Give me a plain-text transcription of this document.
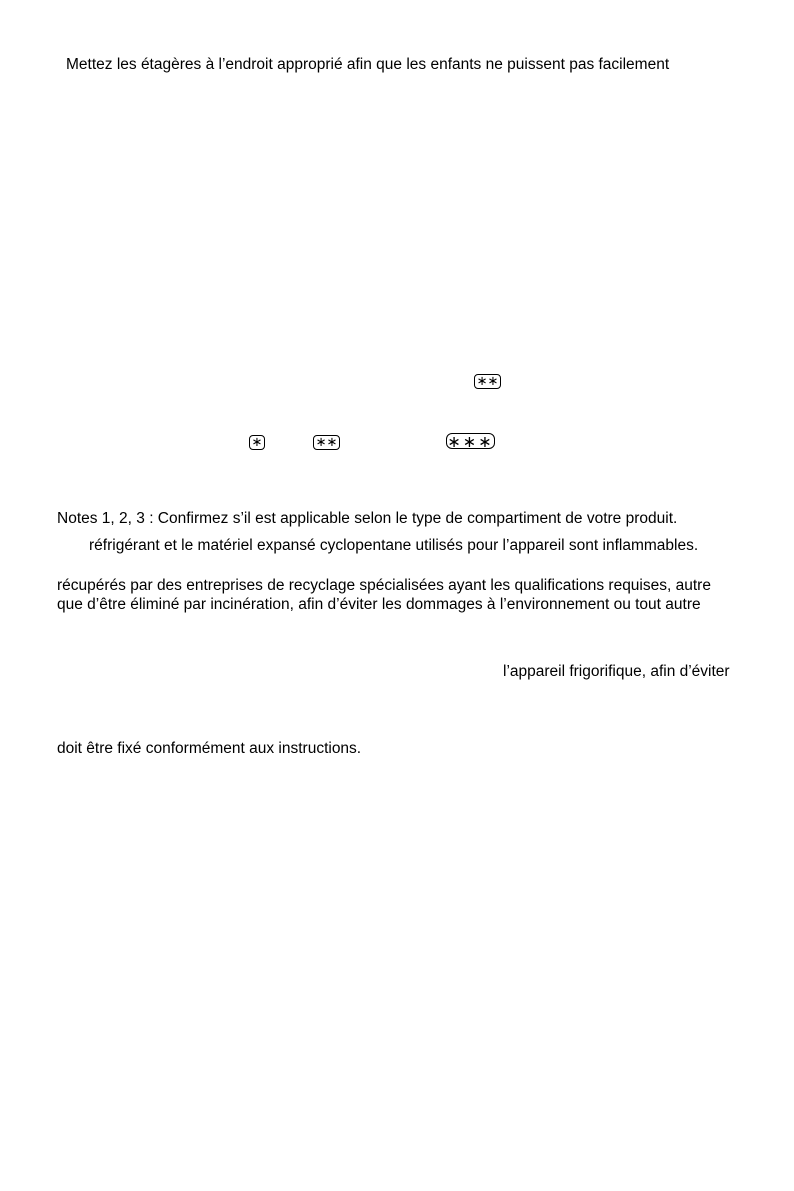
Mettez les étagères à l’endroit approprié afin que les enfants ne puissent pas facilement

∗∗
∗	∗∗	∗∗∗

Notes 1, 2, 3 : Confirmez s’il est applicable selon le type de compartiment de votre produit.

réfrigérant et le matériel expansé cyclopentane utilisés pour l’appareil sont inflammables.

récupérés par des entreprises de recyclage spécialisées ayant les qualifications requises, autre

que d’être éliminé par incinération, afin d’éviter les dommages à l’environnement ou tout autre

l’appareil frigorifique, afin d’éviter

doit être fixé conformément aux instructions.
